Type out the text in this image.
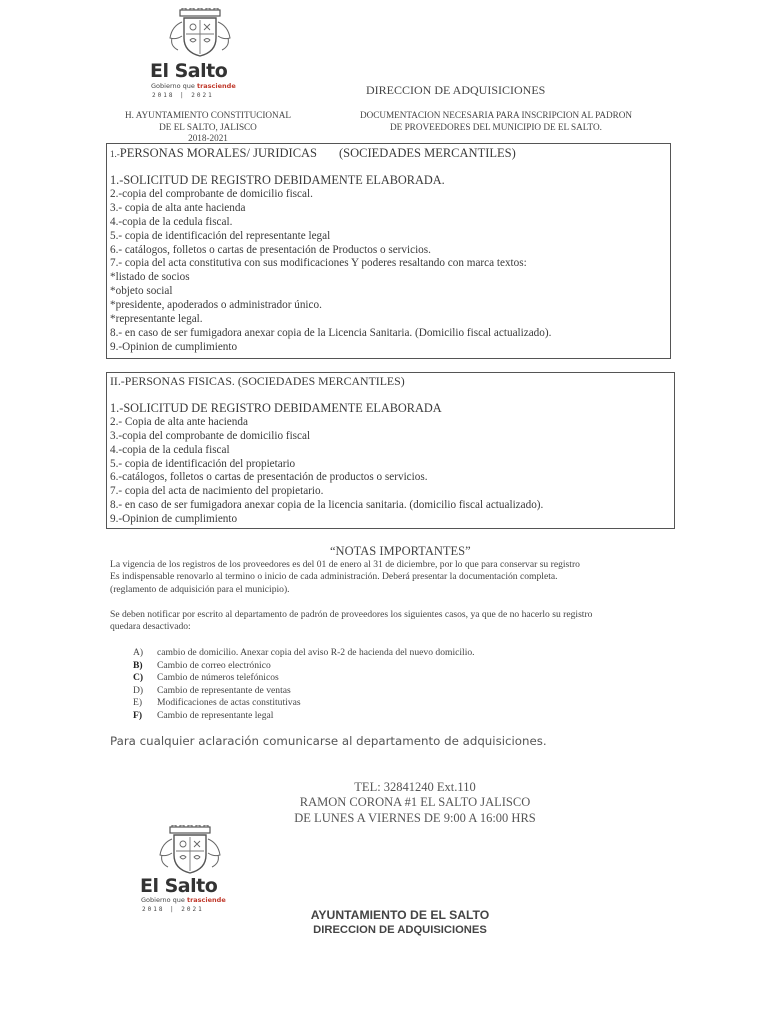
El Salto
Gobierno que trasciende
2018 | 2021	DIRECCION DE ADQUISICIONES
H. AYUNTAMIENTO CONSTITUCIONAL
DE EL SALTO, JALISCO
2018-2021
DOCUMENTACION NECESARIA PARA INSCRIPCION AL PADRON
DE PROVEEDORES DEL MUNICIPIO DE EL SALTO.
1.-PERSONAS MORALES/ JURIDICAS (SOCIEDADES MERCANTILES)
1.-SOLICITUD DE REGISTRO DEBIDAMENTE ELABORADA.
2.-copia del comprobante de domicilio fiscal.
3.- copia de alta ante hacienda
4.-copia de la cedula fiscal.
5.- copia de identificación del representante legal
6.- catálogos, folletos o cartas de presentación de Productos o servicios.
7.- copia del acta constitutiva con sus modificaciones Y poderes resaltando con marca textos:
*listado de socios
*objeto social
*presidente, apoderados o administrador único.
*representante legal.
8.- en caso de ser fumigadora anexar copia de la Licencia Sanitaria. (Domicilio fiscal actualizado).
9.-Opinion de cumplimiento
II.-PERSONAS FISICAS. (SOCIEDADES MERCANTILES)
1.-SOLICITUD DE REGISTRO DEBIDAMENTE ELABORADA
2.- Copia de alta ante hacienda
3.-copia del comprobante de domicilio fiscal
4.-copia de la cedula fiscal
5.- copia de identificación del propietario
6.-catálogos, folletos o cartas de presentación de productos o servicios.
7.- copia del acta de nacimiento del propietario.
8.- en caso de ser fumigadora anexar copia de la licencia sanitaria. (domicilio fiscal actualizado).
9.-Opinion de cumplimiento
“NOTAS IMPORTANTES”
La vigencia de los registros de los proveedores es del 01 de enero al 31 de diciembre, por lo que para conservar su registro
Es indispensable renovarlo al termino o inicio de cada administración. Deberá presentar la documentación completa.
(reglamento de adquisición para el municipio).
Se deben notificar por escrito al departamento de padrón de proveedores los siguientes casos, ya que de no hacerlo su registro
quedara desactivado:
A) cambio de domicilio. Anexar copia del aviso R-2 de hacienda del nuevo domicilio.
B) Cambio de correo electrónico
C) Cambio de números telefónicos
D) Cambio de representante de ventas
E) Modificaciones de actas constitutivas
F) Cambio de representante legal
Para cualquier aclaración comunicarse al departamento de adquisiciones.
TEL: 32841240 Ext.110
RAMON CORONA #1 EL SALTO JALISCO
DE LUNES A VIERNES DE 9:00 A 16:00 HRS
El Salto
Gobierno que trasciende
2018 | 2021	AYUNTAMIENTO DE EL SALTO
DIRECCION DE ADQUISICIONES
